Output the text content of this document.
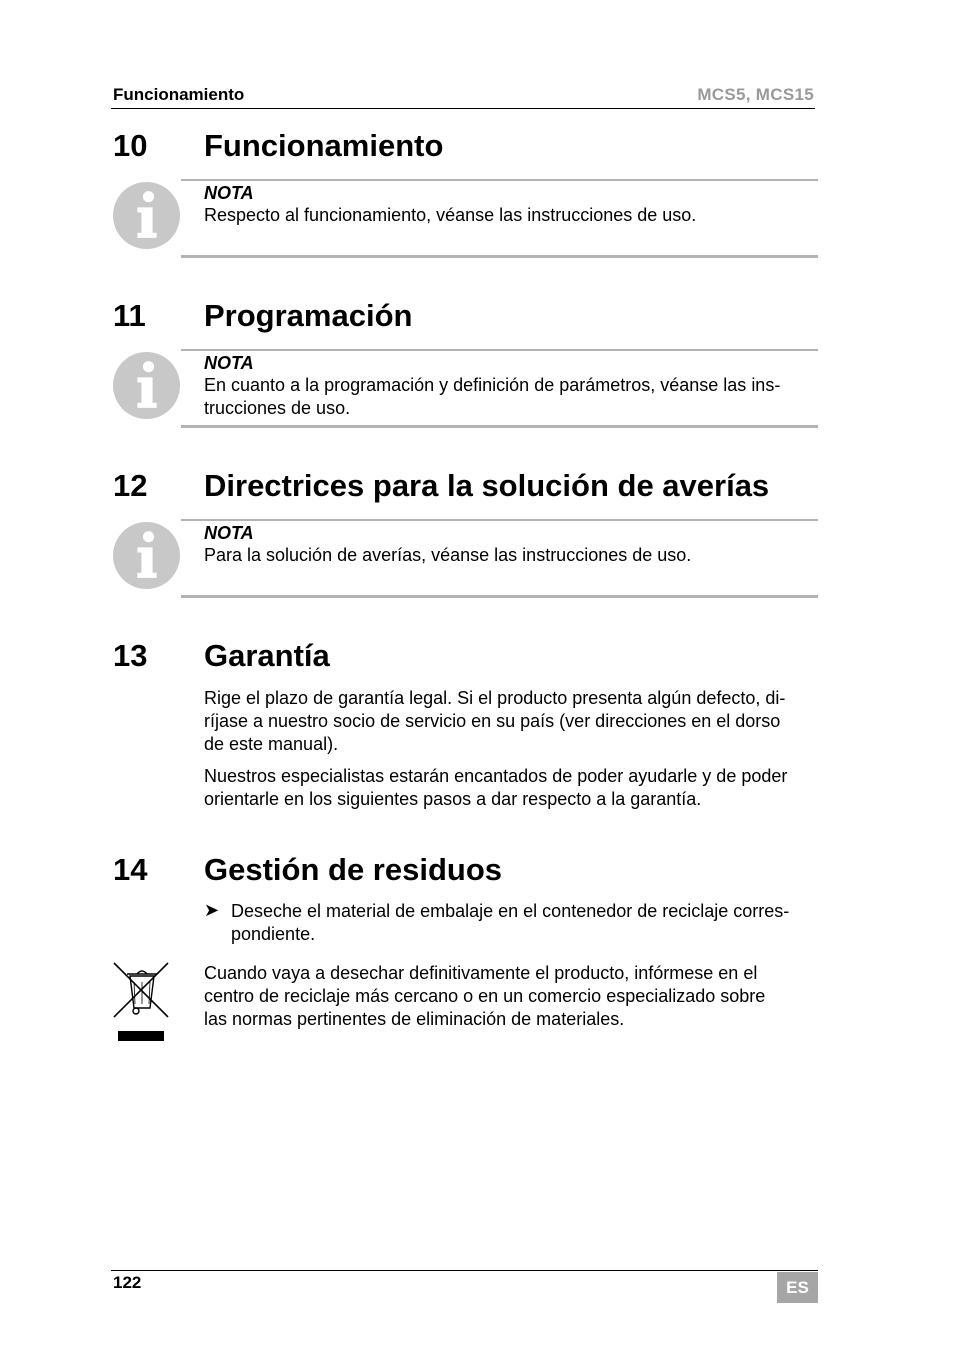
Funcionamiento	MCS5, MCS15
10 Funcionamiento
NOTA
Respecto al funcionamiento, véanse las instrucciones de uso.
11 Programación
NOTA
En cuanto a la programación y definición de parámetros, véanse las ins-
trucciones de uso.
12 Directrices para la solución de averías
NOTA
Para la solución de averías, véanse las instrucciones de uso.
13 Garantía
Rige el plazo de garantía legal. Si el producto presenta algún defecto, di-
ríjase a nuestro socio de servicio en su país (ver direcciones en el dorso
de este manual).
Nuestros especialistas estarán encantados de poder ayudarle y de poder
orientarle en los siguientes pasos a dar respecto a la garantía.
14 Gestión de residuos
➤ Deseche el material de embalaje en el contenedor de reciclaje corres-
pondiente.
Cuando vaya a desechar definitivamente el producto, infórmese en el
centro de reciclaje más cercano o en un comercio especializado sobre
las normas pertinentes de eliminación de materiales.
122	ES
